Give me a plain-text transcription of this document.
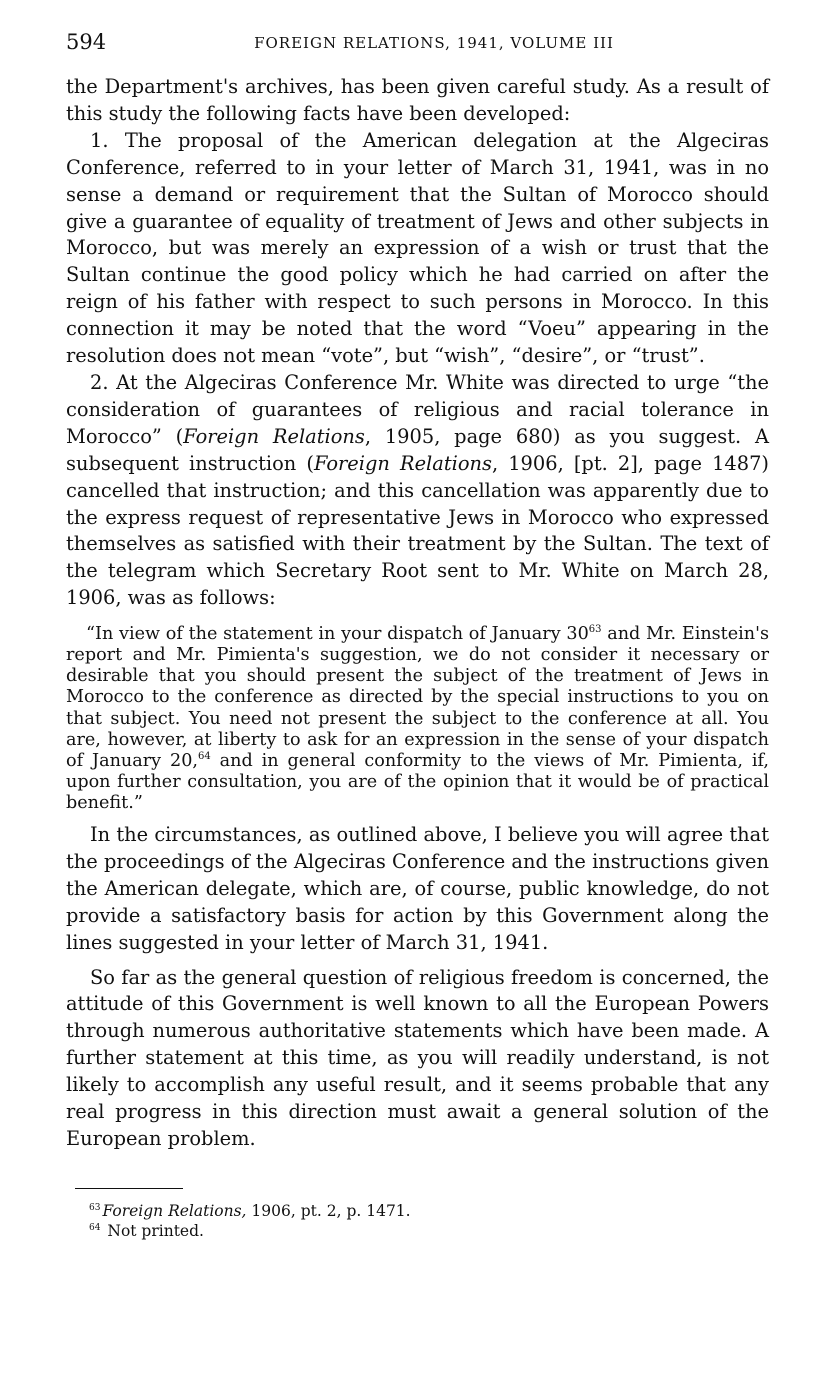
594	FOREIGN RELATIONS, 1941, VOLUME III

the Department's archives, has been given careful study. As a result of this study the following facts have been developed:

1. The proposal of the American delegation at the Algeciras Conference, referred to in your letter of March 31, 1941, was in no sense a demand or requirement that the Sultan of Morocco should give a guarantee of equality of treatment of Jews and other subjects in Morocco, but was merely an expression of a wish or trust that the Sultan continue the good policy which he had carried on after the reign of his father with respect to such persons in Morocco. In this connection it may be noted that the word “Voeu” appearing in the resolution does not mean “vote”, but “wish”, “desire”, or “trust”.

2. At the Algeciras Conference Mr. White was directed to urge “the consideration of guarantees of religious and racial tolerance in Morocco” (Foreign Relations, 1905, page 680) as you suggest. A subsequent instruction (Foreign Relations, 1906, [pt. 2], page 1487) cancelled that instruction; and this cancellation was apparently due to the express request of representative Jews in Morocco who expressed themselves as satisfied with their treatment by the Sultan. The text of the telegram which Secretary Root sent to Mr. White on March 28, 1906, was as follows:

“In view of the statement in your dispatch of January $30^{63}$ and Mr. Einstein's report and Mr. Pimienta's suggestion, we do not consider it necessary or desirable that you should present the subject of the treatment of Jews in Morocco to the conference as directed by the special instructions to you on that subject. You need not present the subject to the conference at all. You are, however, at liberty to ask for an expression in the sense of your dispatch of January 20,64 and in general conformity to the views of Mr. Pimienta, if, upon further consultation, you are of the opinion that it would be of practical benefit.”

In the circumstances, as outlined above, I believe you will agree that the proceedings of the Algeciras Conference and the instructions given the American delegate, which are, of course, public knowledge, do not provide a satisfactory basis for action by this Government along the lines suggested in your letter of March 31, 1941.

So far as the general question of religious freedom is concerned, the attitude of this Government is well known to all the European Powers through numerous authoritative statements which have been made. A further statement at this time, as you will readily understand, is not likely to accomplish any useful result, and it seems probable that any real progress in this direction must await a general solution of the European problem.

$^{63}$ Foreign Relations, 1906, pt. 2, p. 1471.
$^{64}$ Not printed.
